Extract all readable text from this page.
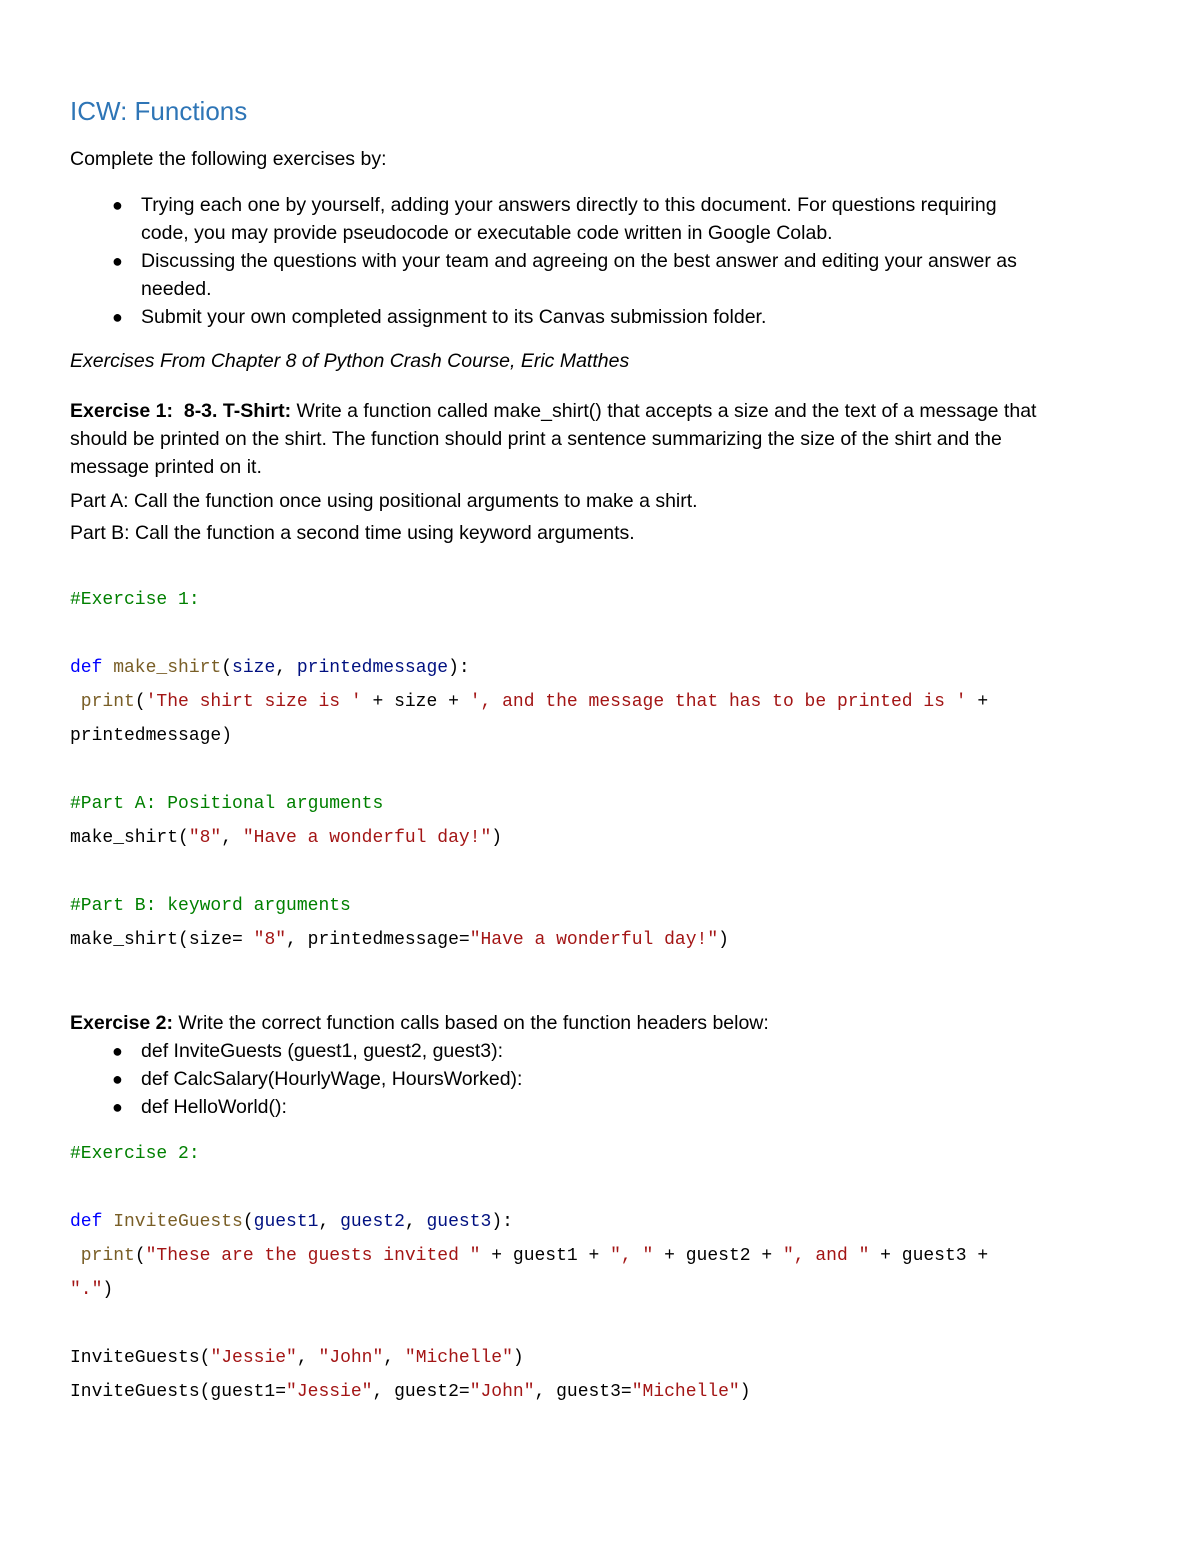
ICW: Functions

Complete the following exercises by:

● Trying each one by yourself, adding your answers directly to this document. For questions requiring
code, you may provide pseudocode or executable code written in Google Colab.
● Discussing the questions with your team and agreeing on the best answer and editing your answer as
needed.
● Submit your own completed assignment to its Canvas submission folder.

Exercises From Chapter 8 of Python Crash Course, Eric Matthes

Exercise 1: 8-3. T-Shirt: Write a function called make_shirt() that accepts a size and the text of a message that
should be printed on the shirt. The function should print a sentence summarizing the size of the shirt and the
message printed on it.

Part A: Call the function once using positional arguments to make a shirt.

Part B: Call the function a second time using keyword arguments.

#Exercise 1:
def make_shirt(size, printedmessage):
print('The shirt size is ' + size + ', and the message that has to be printed is ' +
printedmessage)
#Part A: Positional arguments
make_shirt("8", "Have a wonderful day!")
#Part B: keyword arguments
make_shirt(size= "8", printedmessage="Have a wonderful day!")

Exercise 2: Write the correct function calls based on the function headers below:

● def InviteGuests (guest1, guest2, guest3):
● def CalcSalary(HourlyWage, HoursWorked):
● def HelloWorld():
#Exercise 2:
def InviteGuests(guest1, guest2, guest3):
print("These are the guests invited " + guest1 + ", " + guest2 + ", and " + guest3 +
".")
InviteGuests("Jessie", "John", "Michelle")
InviteGuests(guest1="Jessie", guest2="John", guest3="Michelle")
